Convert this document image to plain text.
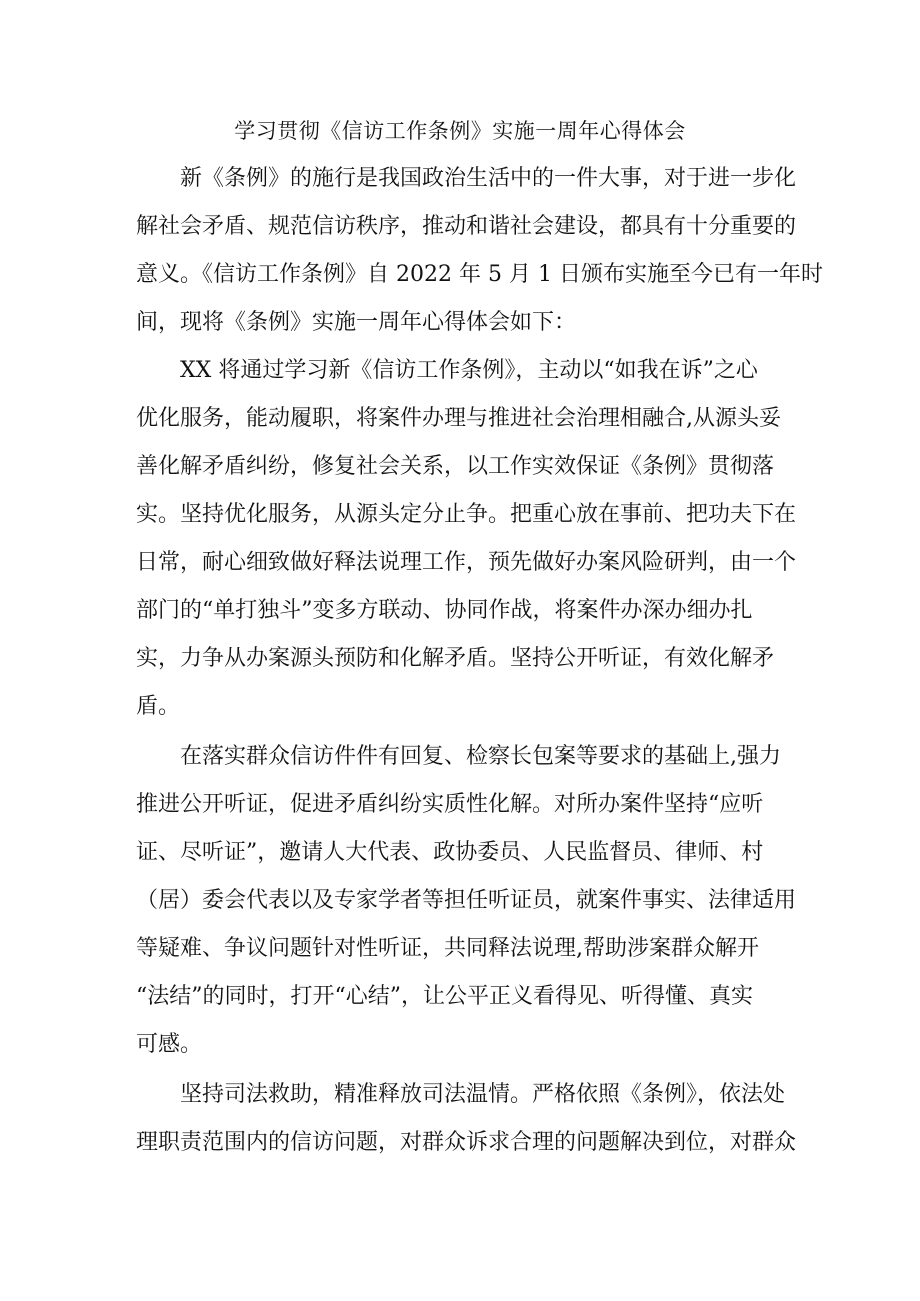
学习贯彻《信访工作条例》实施一周年心得体会

新《条例》的施行是我国政治生活中的一件大事，对于进一步化

解社会矛盾、规范信访秩序，推动和谐社会建设，都具有十分重要的

意义。《信访工作条例》自 2022 年 5 月 1 日颁布实施至今已有一年时

间，现将《条例》实施一周年心得体会如下：

XX 将通过学习新《信访工作条例》，主动以“如我在诉”之心

优化服务，能动履职，将案件办理与推进社会治理相融合,从源头妥

善化解矛盾纠纷，修复社会关系，以工作实效保证《条例》贯彻落

实。坚持优化服务，从源头定分止争。把重心放在事前、把功夫下在

日常，耐心细致做好释法说理工作，预先做好办案风险研判，由一个

部门的“单打独斗”变多方联动、协同作战，将案件办深办细办扎

实，力争从办案源头预防和化解矛盾。坚持公开听证，有效化解矛

盾。

在落实群众信访件件有回复、检察长包案等要求的基础上,强力

推进公开听证，促进矛盾纠纷实质性化解。对所办案件坚持“应听

证、尽听证”，邀请人大代表、政协委员、人民监督员、律师、村

（居）委会代表以及专家学者等担任听证员，就案件事实、法律适用

等疑难、争议问题针对性听证，共同释法说理,帮助涉案群众解开

“法结”的同时，打开“心结”，让公平正义看得见、听得懂、真实

可感。

坚持司法救助，精准释放司法温情。严格依照《条例》，依法处

理职责范围内的信访问题，对群众诉求合理的问题解决到位，对群众
